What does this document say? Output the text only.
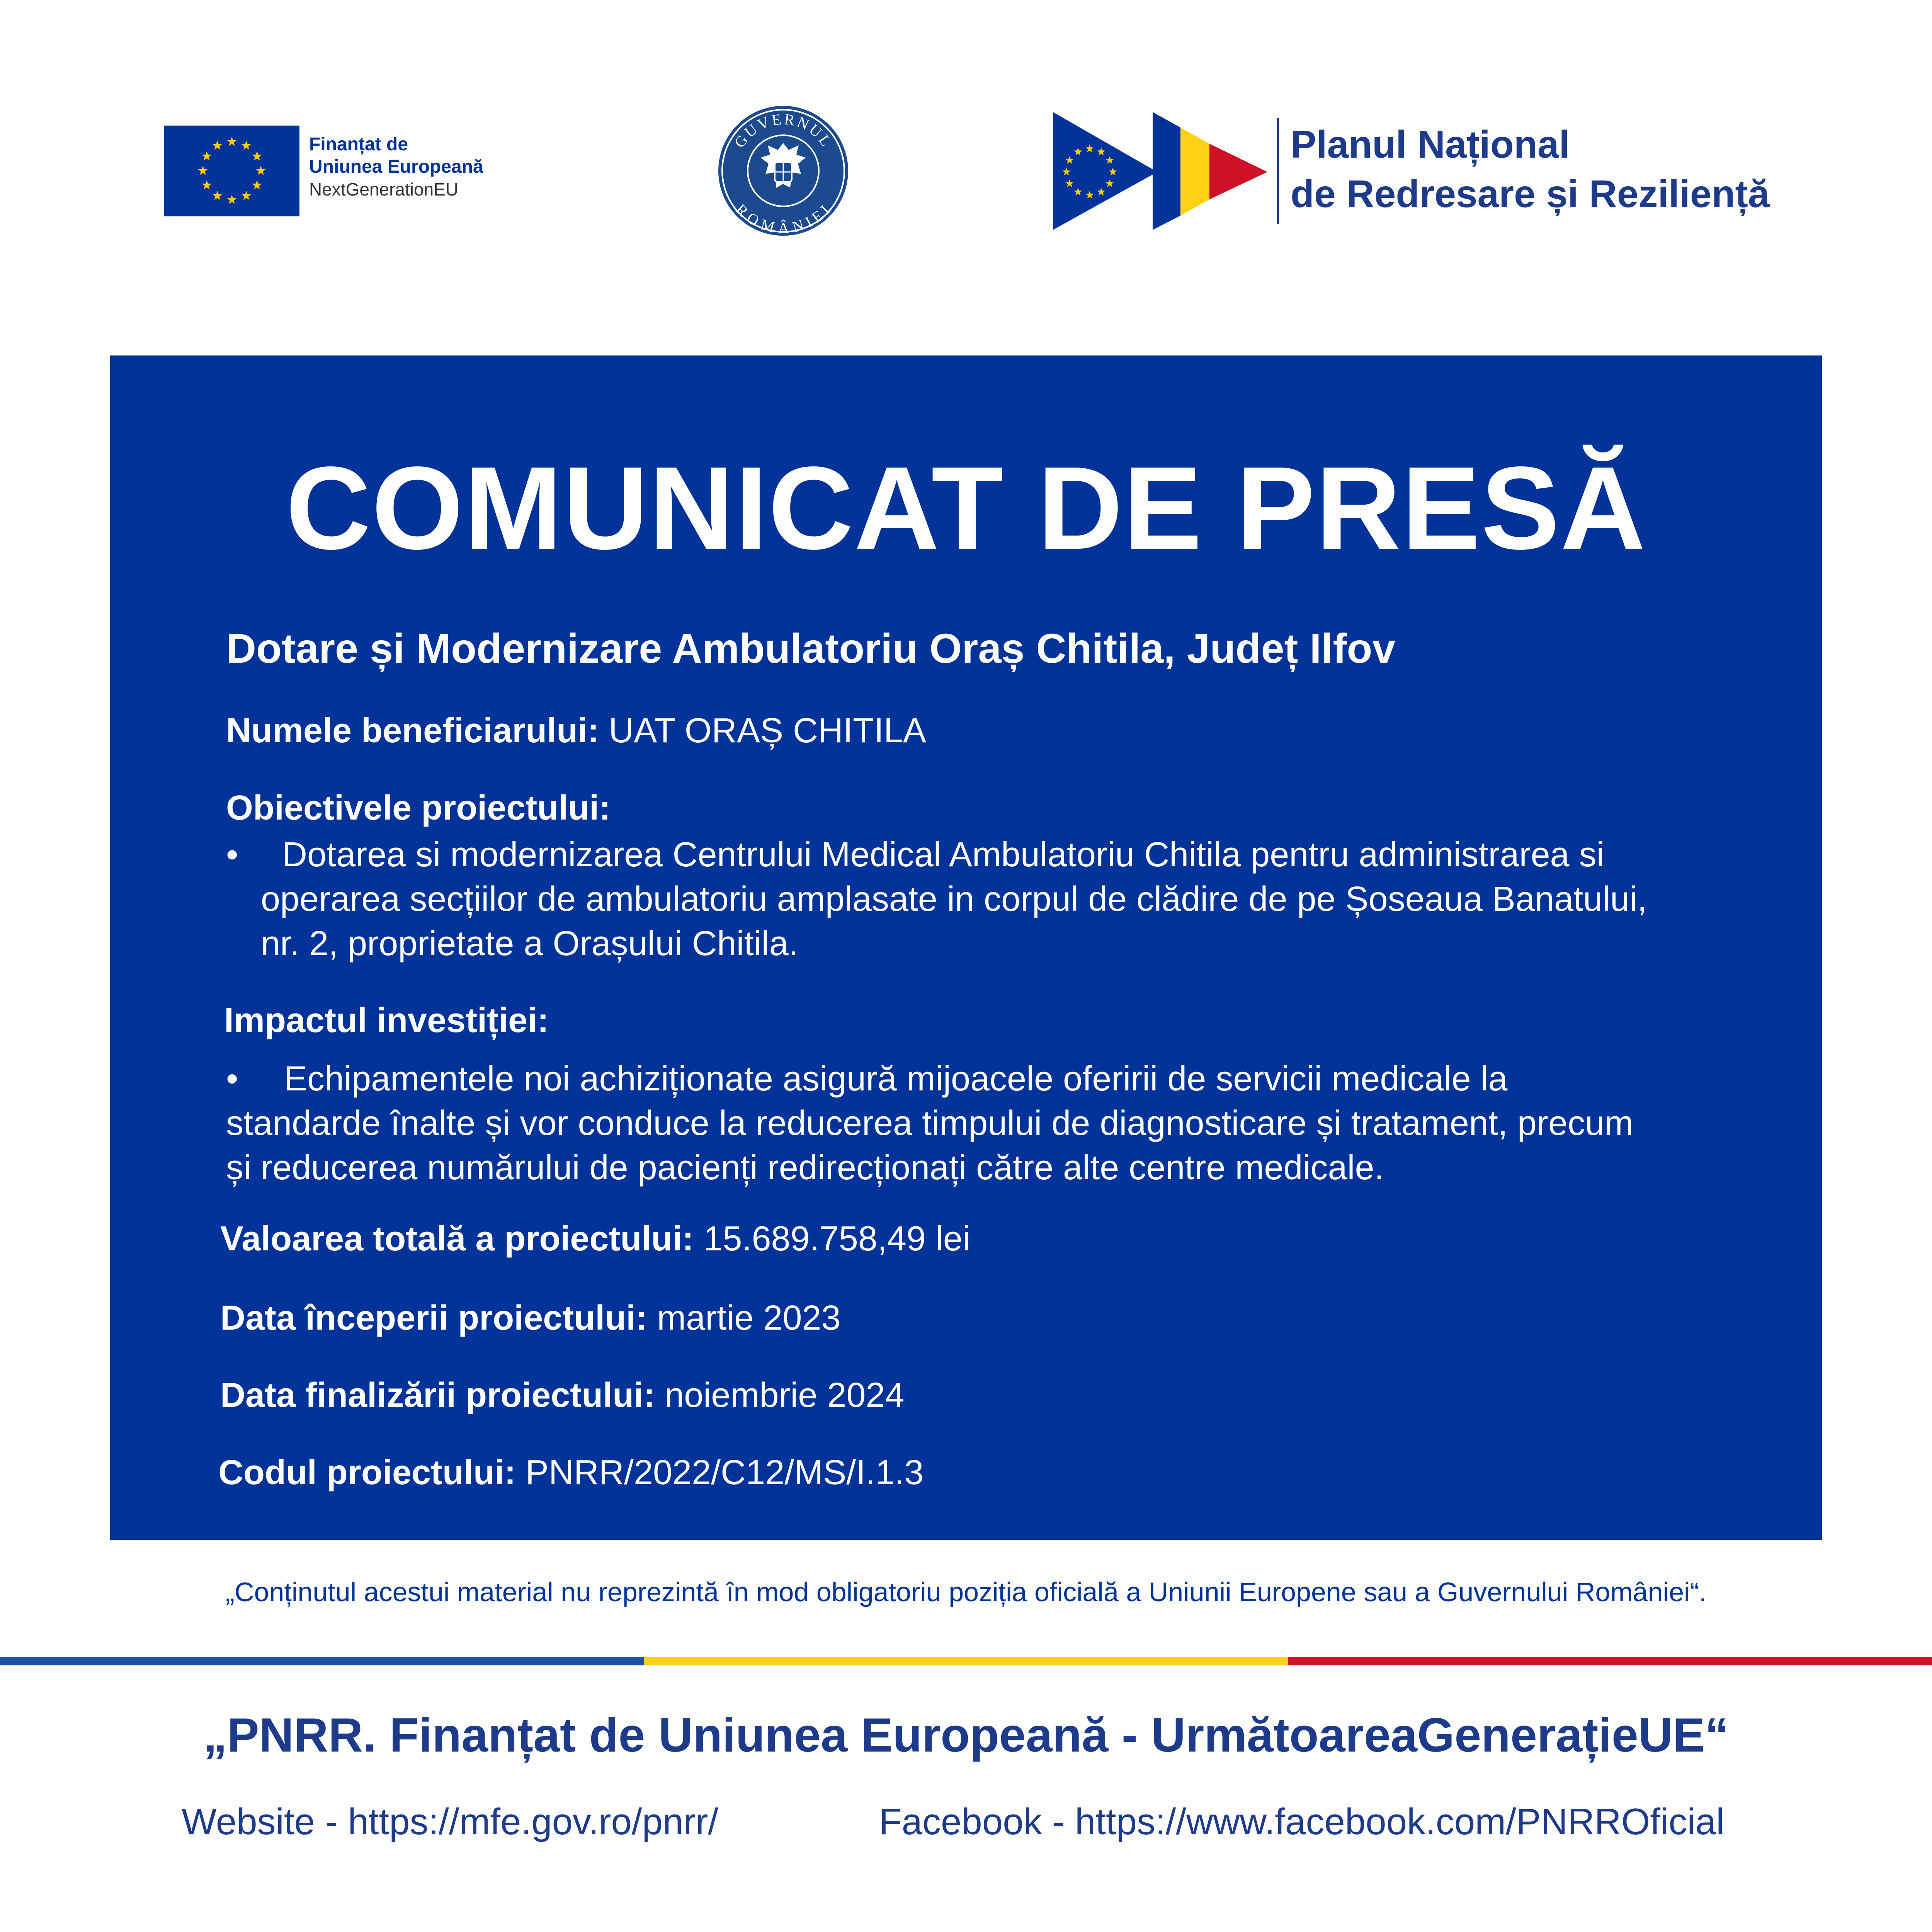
Finanțat de
Uniunea Europeană
NextGenerationEU
GUVERNUL
ROMÂNIEI
Planul Național
de Redresare și Reziliență
COMUNICAT DE PRESĂ
Dotare și Modernizare Ambulatoriu Oraș Chitila, Județ Ilfov
Numele beneficiarului: UAT ORAȘ CHITILA
Obiectivele proiectului:
•  Dotarea si modernizarea Centrului Medical Ambulatoriu Chitila pentru administrarea si
operarea secțiilor de ambulatoriu amplasate in corpul de clădire de pe Șoseaua Banatului,
nr. 2, proprietate a Orașului Chitila.
Impactul investiției:
• Echipamentele noi achiziționate asigură mijoacele oferirii de servicii medicale la
standarde înalte și vor conduce la reducerea timpului de diagnosticare și tratament, precum
și reducerea numărului de pacienți redirecționați către alte centre medicale.
Valoarea totală a proiectului: 15.689.758,49 lei
Data începerii proiectului: martie 2023
Data finalizării proiectului: noiembrie 2024
Codul proiectului: PNRR/2022/C12/MS/I.1.3
„Conținutul acestui material nu reprezintă în mod obligatoriu poziția oficială a Uniunii Europene sau a Guvernului României“.
„PNRR. Finanțat de Uniunea Europeană - UrmătoareaGenerațieUE“
Website - https://mfe.gov.ro/pnrr/	Facebook - https://www.facebook.com/PNRROficial
